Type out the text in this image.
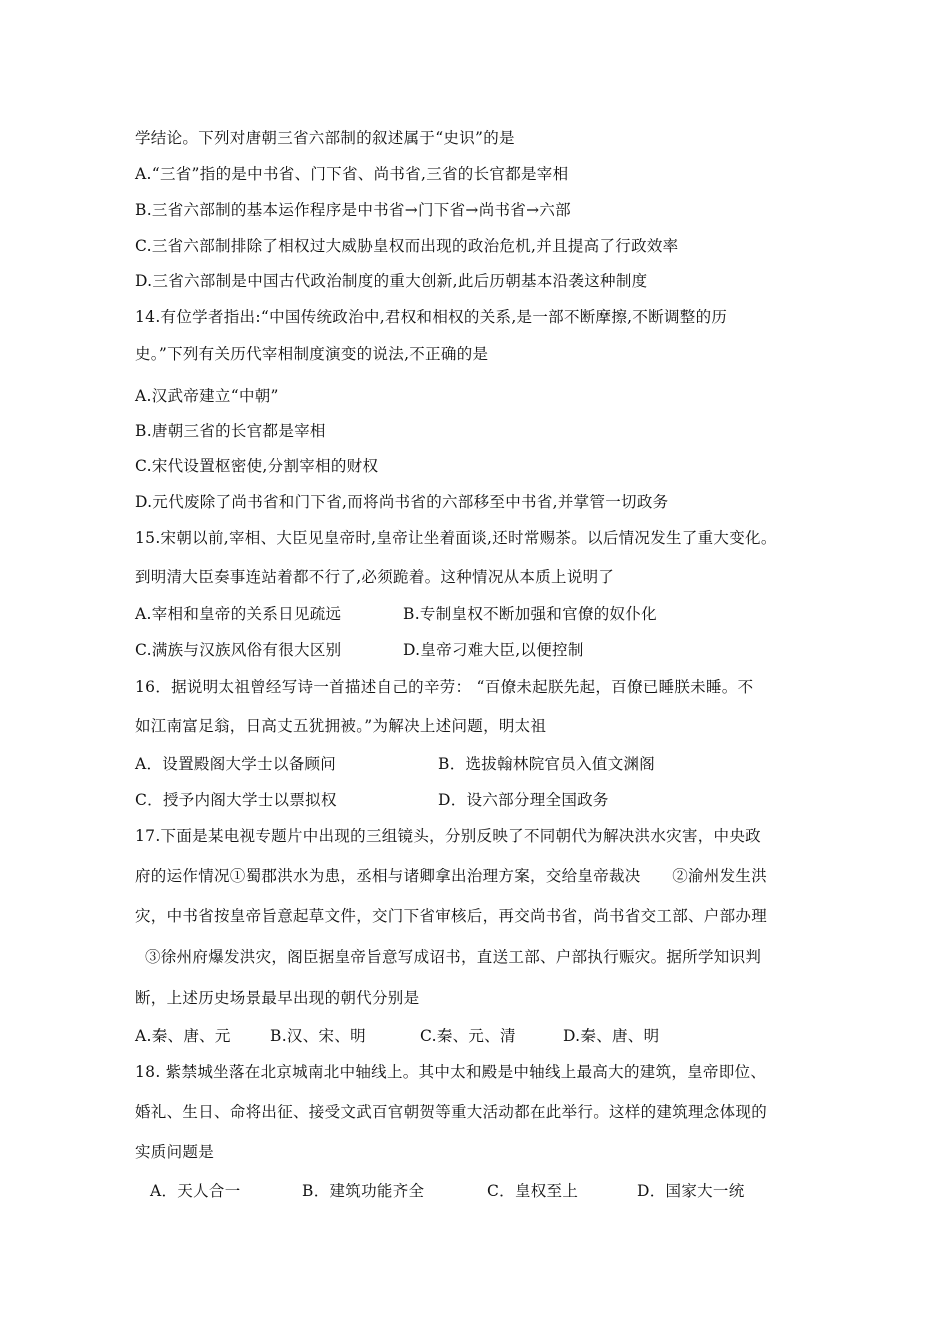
学结论。下列对唐朝三省六部制的叙述属于“史识”的是
A.“三省”指的是中书省、门下省、尚书省,三省的长官都是宰相
B.三省六部制的基本运作程序是中书省→门下省→尚书省→六部
C.三省六部制排除了相权过大威胁皇权而出现的政治危机,并且提高了行政效率
D.三省六部制是中国古代政治制度的重大创新,此后历朝基本沿袭这种制度
14.有位学者指出:“中国传统政治中,君权和相权的关系,是一部不断摩擦,不断调整的历
史。”下列有关历代宰相制度演变的说法,不正确的是
A.汉武帝建立“中朝”
B.唐朝三省的长官都是宰相
C.宋代设置枢密使,分割宰相的财权
D.元代废除了尚书省和门下省,而将尚书省的六部移至中书省,并掌管一切政务
15.宋朝以前,宰相、大臣见皇帝时,皇帝让坐着面谈,还时常赐茶。以后情况发生了重大变化。
到明清大臣奏事连站着都不行了,必须跪着。这种情况从本质上说明了
A.宰相和皇帝的关系日见疏远	B.专制皇权不断加强和官僚的奴仆化
C.满族与汉族风俗有很大区别	D.皇帝刁难大臣,以便控制
16．据说明太祖曾经写诗一首描述自己的辛劳： “百僚未起朕先起，百僚已睡朕未睡。不
如江南富足翁，日高丈五犹拥被。”为解决上述问题，明太祖
A．设置殿阁大学士以备顾问	B．选拔翰林院官员入值文渊阁
C．授予内阁大学士以票拟权	D．设六部分理全国政务
17.下面是某电视专题片中出现的三组镜头，分别反映了不同朝代为解决洪水灾害，中央政
府的运作情况①蜀郡洪水为患，丞相与诸卿拿出治理方案，交给皇帝裁决　　②渝州发生洪
灾，中书省按皇帝旨意起草文件，交门下省审核后，再交尚书省，尚书省交工部、户部办理
③徐州府爆发洪灾，阁臣据皇帝旨意写成诏书，直送工部、户部执行赈灾。据所学知识判
断，上述历史场景最早出现的朝代分别是
A.秦、唐、元	B.汉、宋、明	C.秦、元、清	D.秦、唐、明
18. 紫禁城坐落在北京城南北中轴线上。其中太和殿是中轴线上最高大的建筑，皇帝即位、
婚礼、生日、命将出征、接受文武百官朝贺等重大活动都在此举行。这样的建筑理念体现的
实质问题是
A．天人合一	B．建筑功能齐全	C．皇权至上	D．国家大一统
